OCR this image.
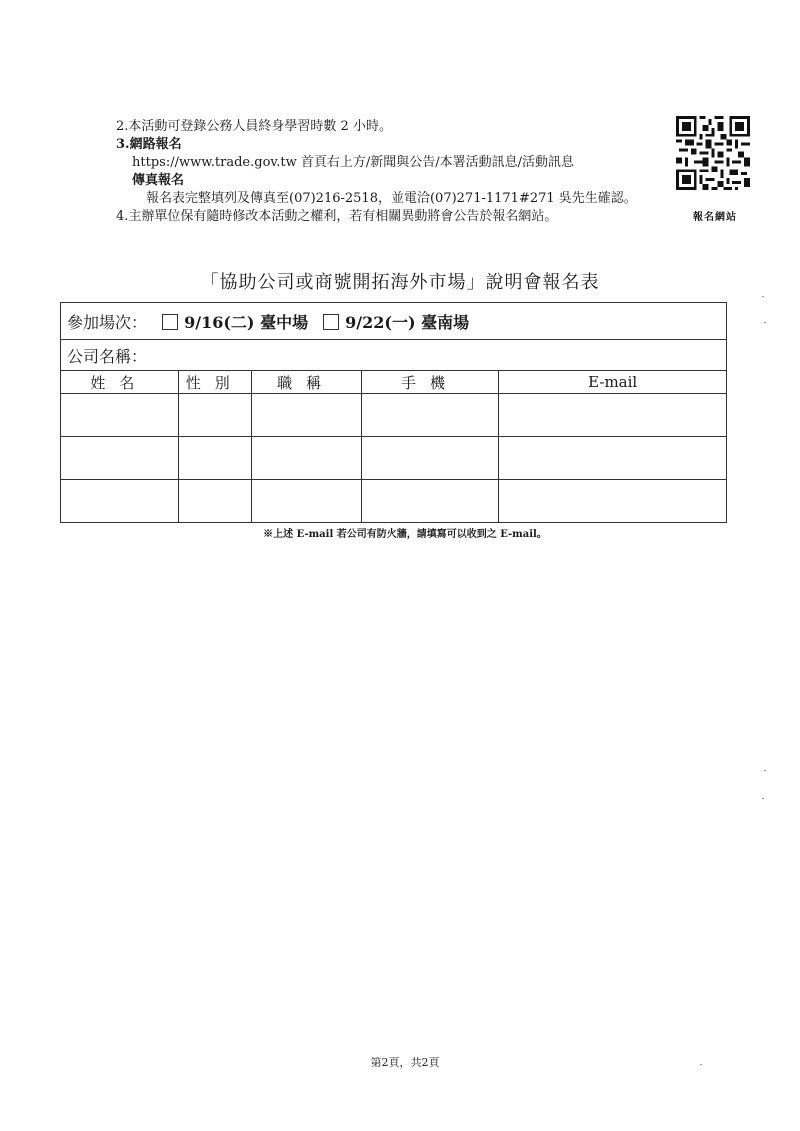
2.本活動可登錄公務人員終身學習時數 2 小時。
3.網路報名
https://www.trade.gov.tw 首頁右上方/新聞與公告/本署活動訊息/活動訊息
傳真報名
報名表完整填列及傳真至(07)216-2518，並電洽(07)271-1171#271 吳先生確認。
4.主辦單位保有隨時修改本活動之權利，若有相關異動將會公告於報名網站。	報名網站
「協助公司或商號開拓海外市場」說明會報名表
參加場次： 9/16(二) 臺中場 9/22(一) 臺南場				
公司名稱：				
姓名	性別	職稱	手機	E-mail

※上述 E-mail 若公司有防火牆，請填寫可以收到之 E-mail。
第2頁，共2頁
